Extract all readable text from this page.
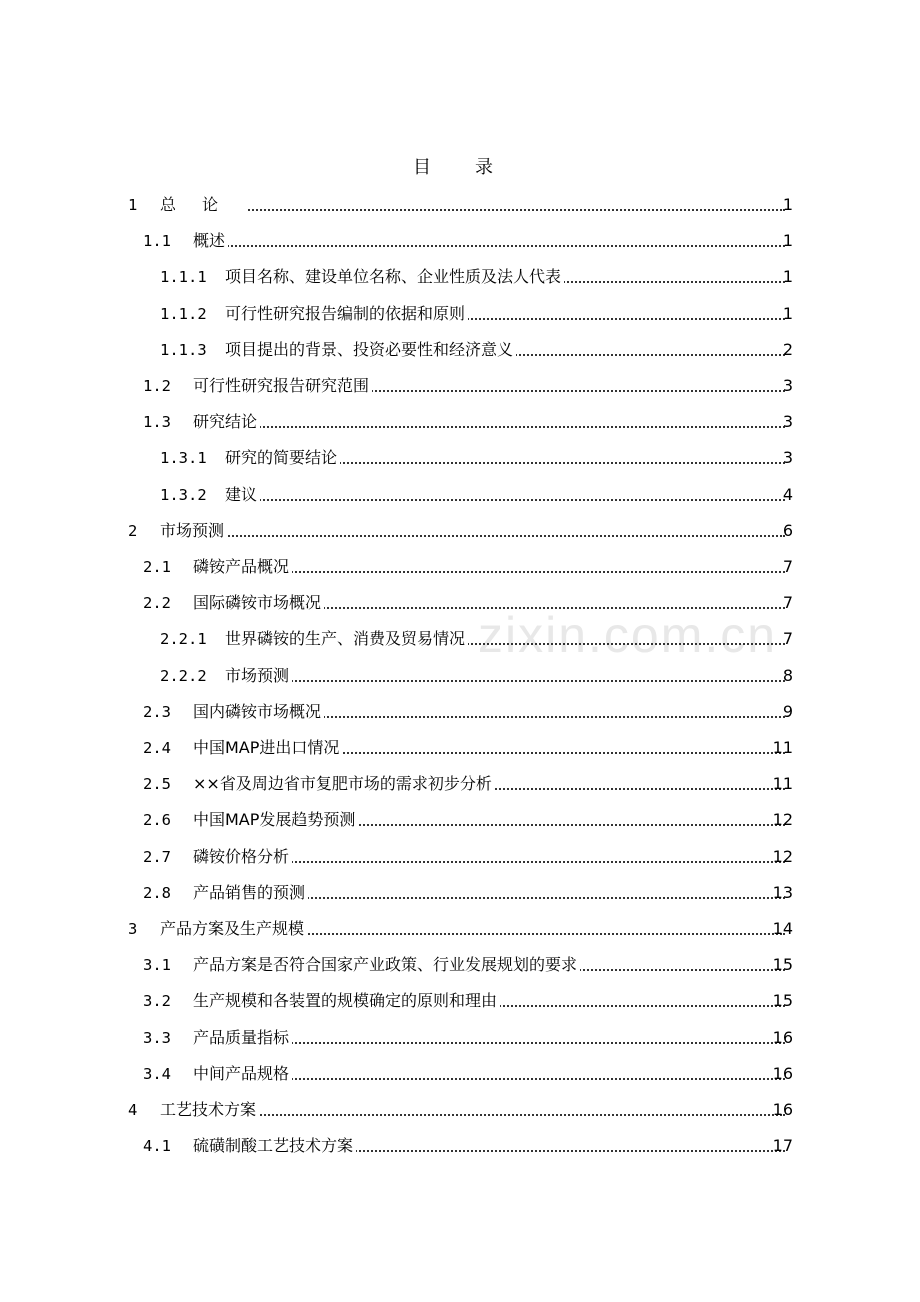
zixin.com.cn
目录
1 总论	1
1.1 概述	1
1.1.1 项目名称、建设单位名称、企业性质及法人代表	1
1.1.2 可行性研究报告编制的依据和原则	1
1.1.3 项目提出的背景、投资必要性和经济意义	2
1.2 可行性研究报告研究范围	3
1.3 研究结论	3
1.3.1 研究的简要结论	3
1.3.2 建议	4
2 市场预测	6
2.1 磷铵产品概况	7
2.2 国际磷铵市场概况	7
2.2.1 世界磷铵的生产、消费及贸易情况	7
2.2.2 市场预测	8
2.3 国内磷铵市场概况	9
2.4 中国MAP进出口情况	11
2.5 ××省及周边省市复肥市场的需求初步分析	11
2.6 中国MAP发展趋势预测	12
2.7 磷铵价格分析	12
2.8 产品销售的预测	13
3 产品方案及生产规模	14
3.1 产品方案是否符合国家产业政策、行业发展规划的要求	15
3.2 生产规模和各装置的规模确定的原则和理由	15
3.3 产品质量指标	16
3.4 中间产品规格	16
4 工艺技术方案	16
4.1 硫磺制酸工艺技术方案	17
